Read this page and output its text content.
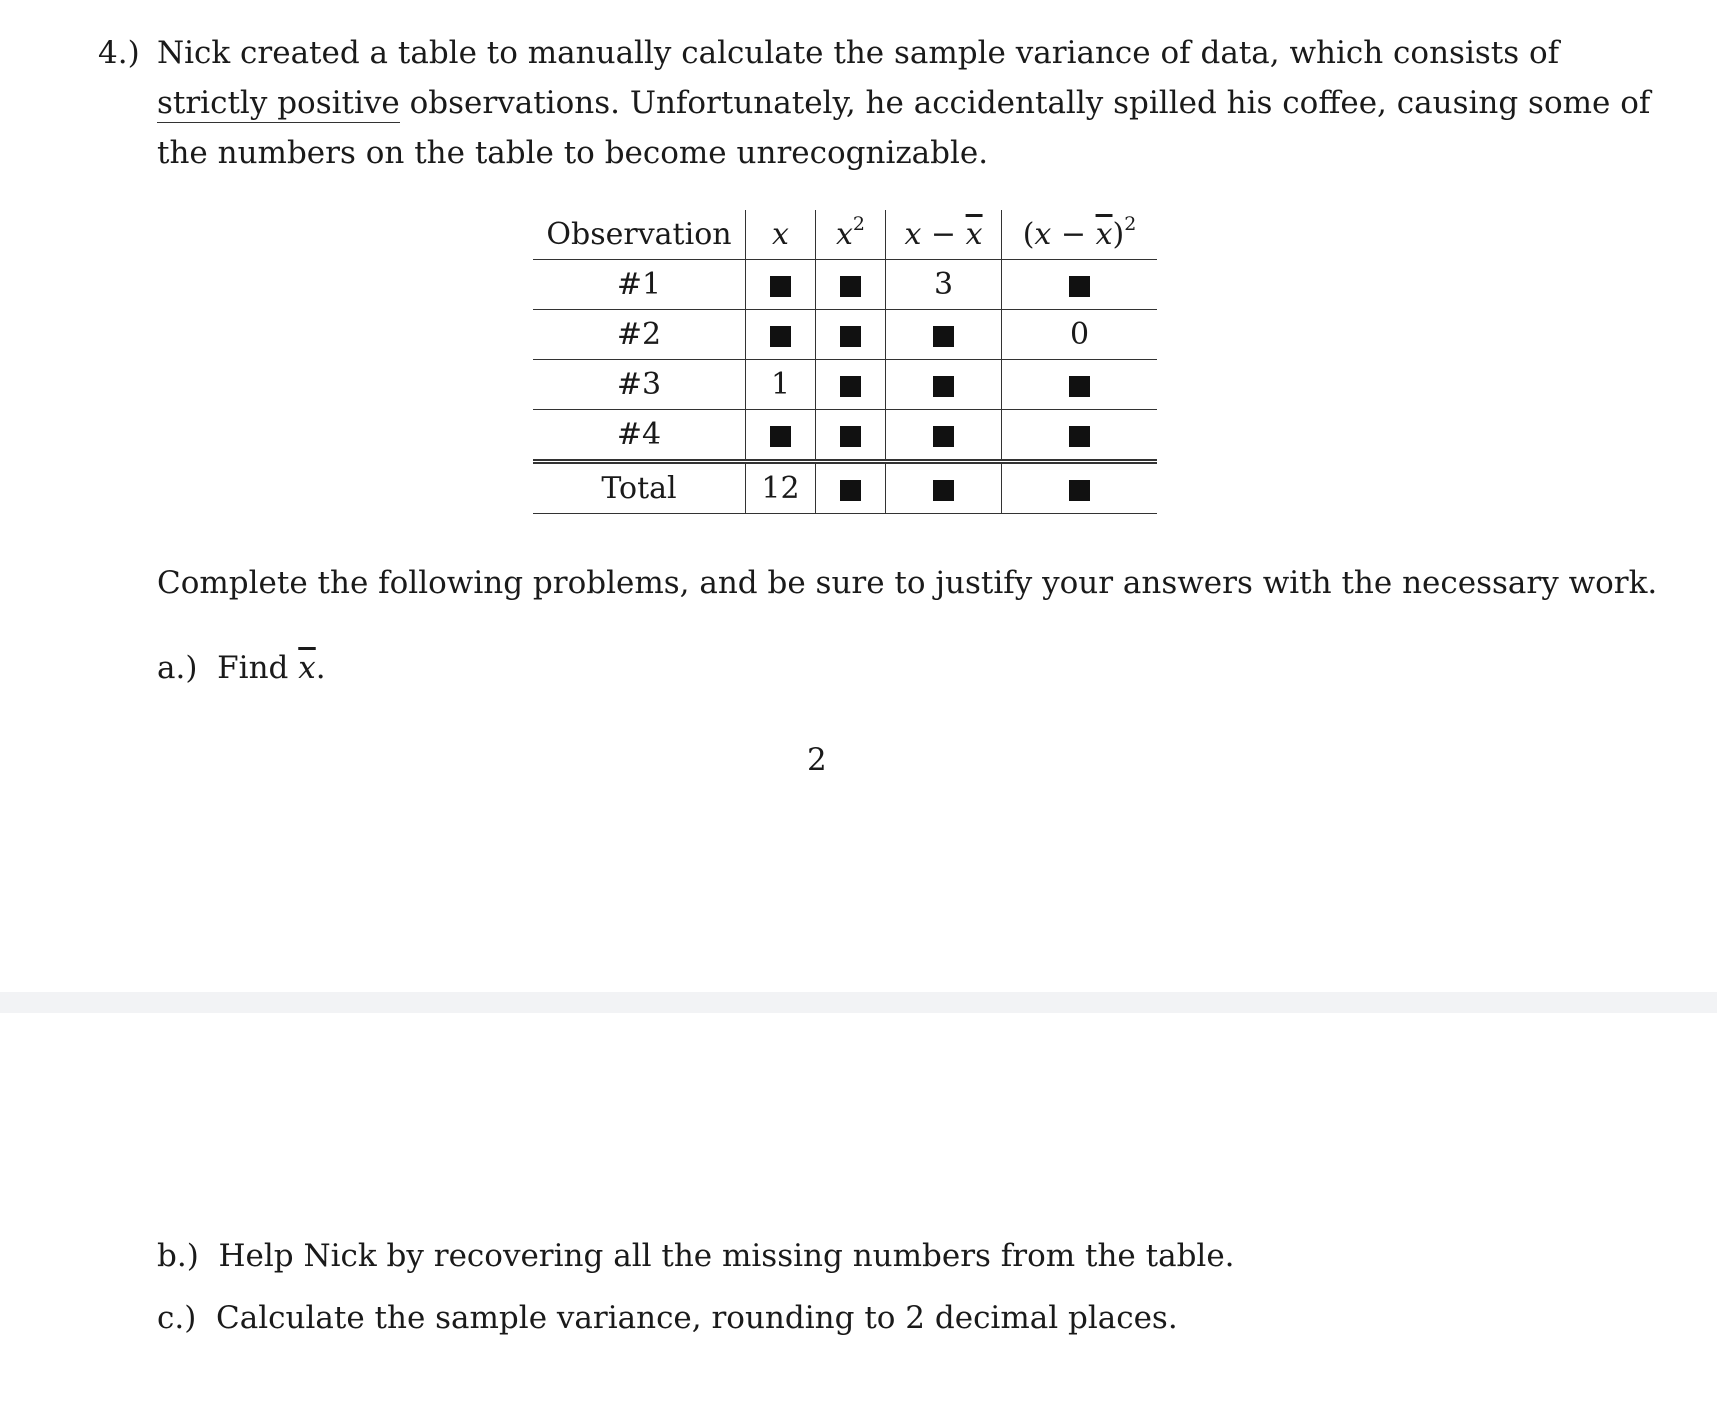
4.) Nick created a table to manually calculate the sample variance of data, which consists of
strictly positive observations. Unfortunately, he accidentally spilled his coffee, causing some of
the numbers on the table to become unrecognizable.
Observation	x	$x^2$	$x - \overline{x}$	$(x - \overline{x})^2$
#1			3	
#2				0
#3	1			
#4				
Total	12			
Complete the following problems, and be sure to justify your answers with the necessary work.
a.) Find $\overline{x}$.
2
b.) Help Nick by recovering all the missing numbers from the table.
c.) Calculate the sample variance, rounding to 2 decimal places.
